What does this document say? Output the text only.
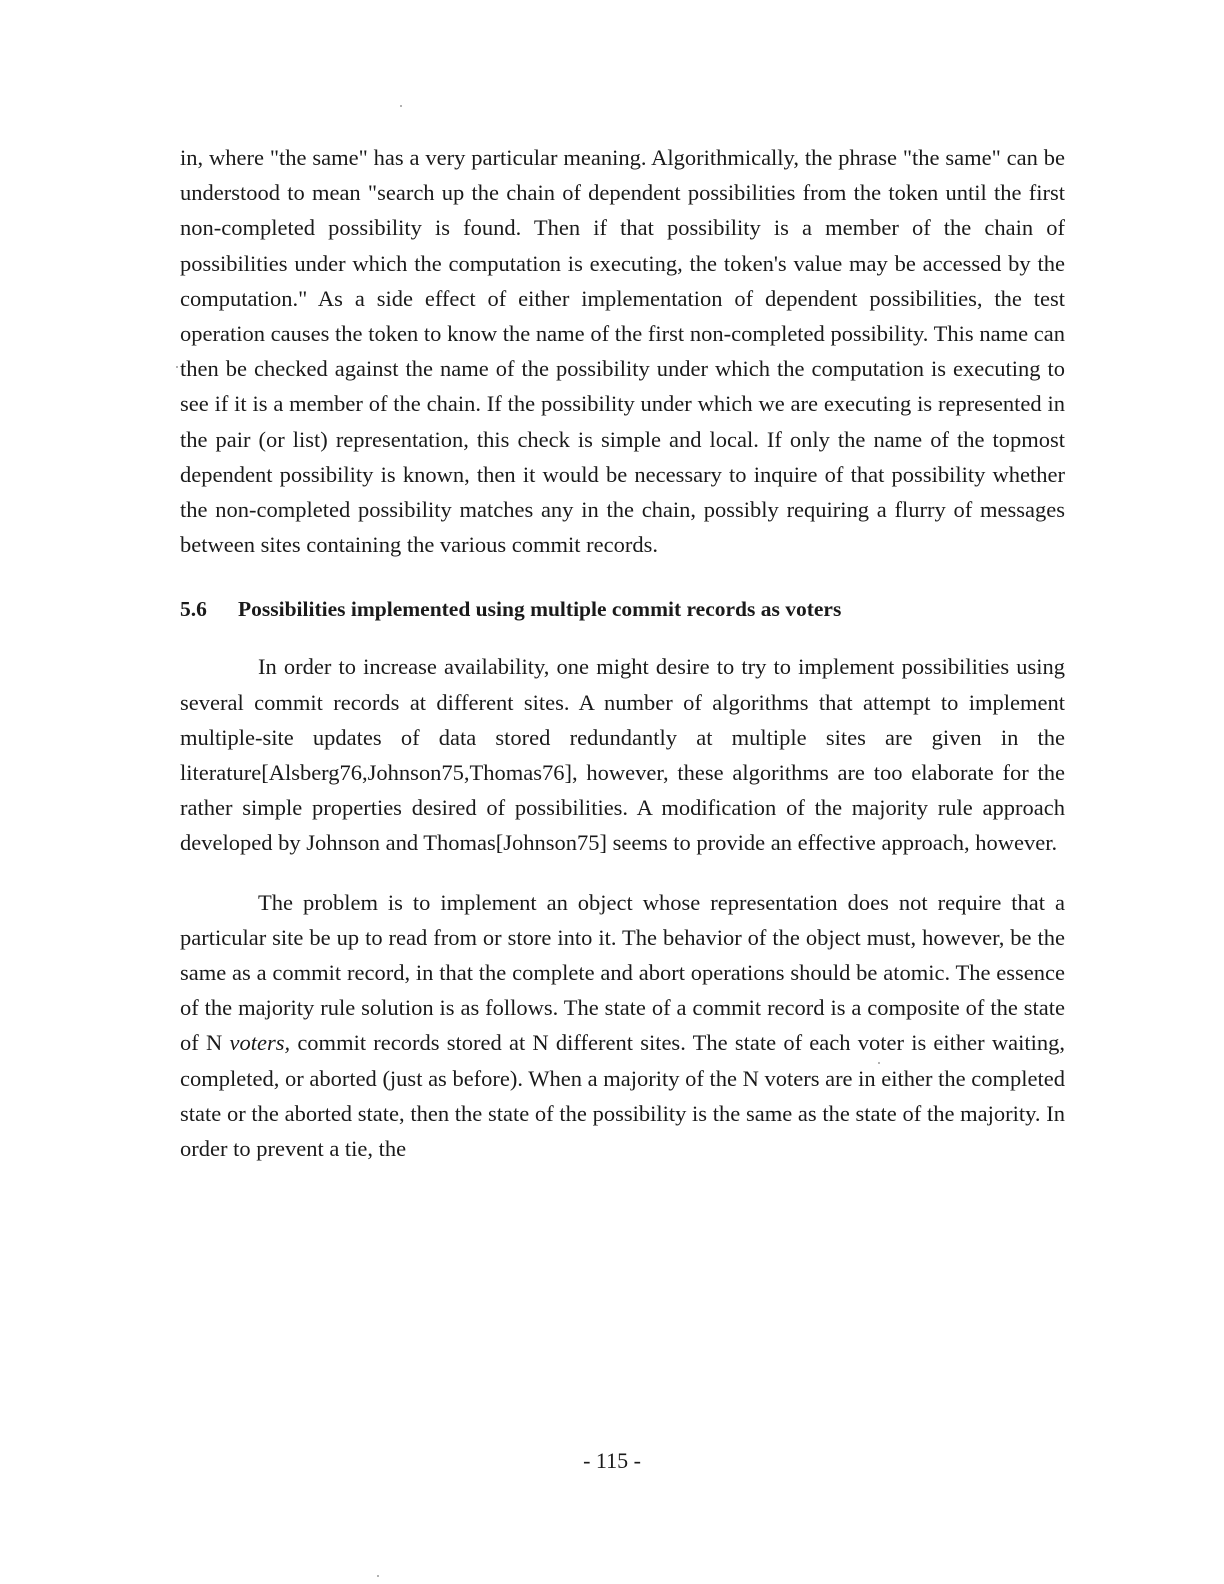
in, where "the same" has a very particular meaning. Algorithmically, the phrase "the same" can be understood to mean "search up the chain of dependent possibilities from the token until the first non-completed possibility is found. Then if that possibility is a member of the chain of possibilities under which the computation is executing, the token's value may be accessed by the computation." As a side effect of either implementation of dependent possibilities, the test operation causes the token to know the name of the first non-completed possibility. This name can then be checked against the name of the possibility under which the computation is executing to see if it is a member of the chain. If the possibility under which we are executing is represented in the pair (or list) representation, this check is simple and local. If only the name of the topmost dependent possibility is known, then it would be necessary to inquire of that possibility whether the non-completed possibility matches any in the chain, possibly requiring a flurry of messages between sites containing the various commit records.

5.6 Possibilities implemented using multiple commit records as voters

In order to increase availability, one might desire to try to implement possibilities using several commit records at different sites. A number of algorithms that attempt to implement multiple-site updates of data stored redundantly at multiple sites are given in the literature[Alsberg76,Johnson75,Thomas76], however, these algorithms are too elaborate for the rather simple properties desired of possibilities. A modification of the majority rule approach developed by Johnson and Thomas[Johnson75] seems to provide an effective approach, however.

The problem is to implement an object whose representation does not require that a particular site be up to read from or store into it. The behavior of the object must, however, be the same as a commit record, in that the complete and abort operations should be atomic. The essence of the majority rule solution is as follows. The state of a commit record is a composite of the state of N voters, commit records stored at N different sites. The state of each voter is either waiting, completed, or aborted (just as before). When a majority of the N voters are in either the completed state or the aborted state, then the state of the possibility is the same as the state of the majority. In order to prevent a tie, the

- 115 -
